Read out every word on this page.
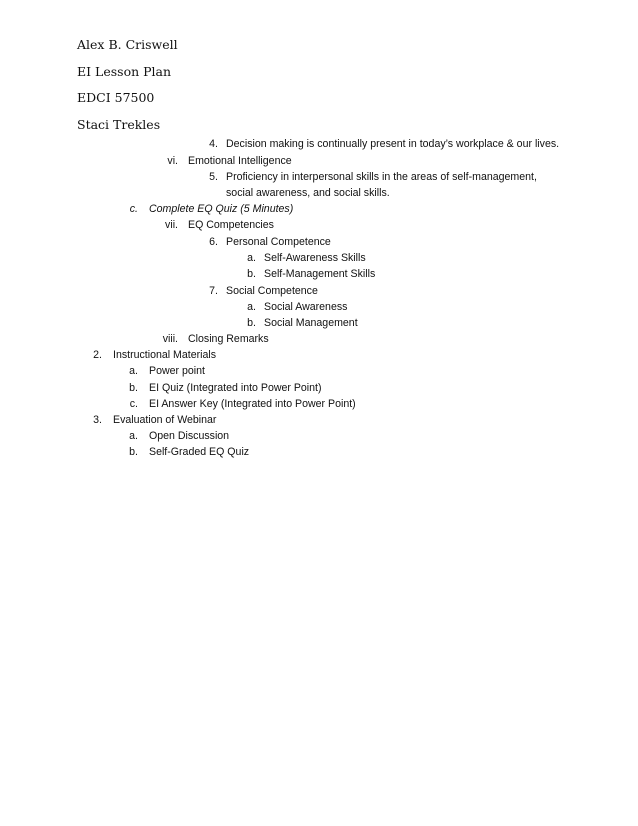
Alex B. Criswell
EI Lesson Plan
EDCI 57500
Staci Trekles
4. Decision making is continually present in today’s workplace & our lives.
vi. Emotional Intelligence
5. Proficiency in interpersonal skills in the areas of self-management,
social awareness, and social skills.
c. Complete EQ Quiz (5 Minutes)
vii. EQ Competencies
6. Personal Competence
a. Self-Awareness Skills
b. Self-Management Skills
7. Social Competence
a. Social Awareness
b. Social Management
viii. Closing Remarks
2. Instructional Materials
a. Power point
b. EI Quiz (Integrated into Power Point)
c. EI Answer Key (Integrated into Power Point)
3. Evaluation of Webinar
a. Open Discussion
b. Self-Graded EQ Quiz
